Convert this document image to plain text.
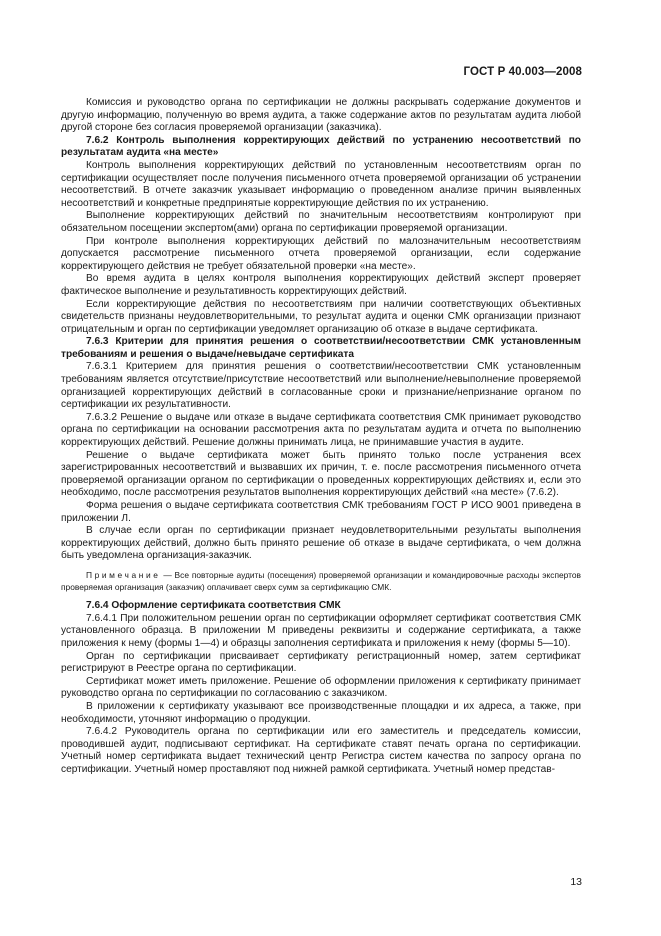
ГОСТ Р 40.003—2008

Комиссия и руководство органа по сертификации не должны раскрывать содержание документов и другую информацию, полученную во время аудита, а также содержание актов по результатам аудита любой другой стороне без согласия проверяемой организации (заказчика).

7.6.2 Контроль выполнения корректирующих действий по устранению несоответствий по результатам аудита «на месте»

Контроль выполнения корректирующих действий по установленным несоответствиям орган по сертификации осуществляет после получения письменного отчета проверяемой организации об устранении несоответствий. В отчете заказчик указывает информацию о проведенном анализе причин выявленных несоответствий и конкретные предпринятые корректирующие действия по их устранению.

Выполнение корректирующих действий по значительным несоответствиям контролируют при обязательном посещении экспертом(ами) органа по сертификации проверяемой организации.

При контроле выполнения корректирующих действий по малозначительным несоответствиям допускается рассмотрение письменного отчета проверяемой организации, если содержание корректирующего действия не требует обязательной проверки «на месте».

Во время аудита в целях контроля выполнения корректирующих действий эксперт проверяет фактическое выполнение и результативность корректирующих действий.

Если корректирующие действия по несоответствиям при наличии соответствующих объективных свидетельств признаны неудовлетворительными, то результат аудита и оценки СМК организации признают отрицательным и орган по сертификации уведомляет организацию об отказе в выдаче сертификата.

7.6.3 Критерии для принятия решения о соответствии/несоответствии СМК установленным требованиям и решения о выдаче/невыдаче сертификата

7.6.3.1 Критерием для принятия решения о соответствии/несоответствии СМК установленным требованиям является отсутствие/присутствие несоответствий или выполнение/невыполнение проверяемой организацией корректирующих действий в согласованные сроки и признание/непризнание органом по сертификации их результативности.

7.6.3.2 Решение о выдаче или отказе в выдаче сертификата соответствия СМК принимает руководство органа по сертификации на основании рассмотрения акта по результатам аудита и отчета по выполнению корректирующих действий. Решение должны принимать лица, не принимавшие участия в аудите.

Решение о выдаче сертификата может быть принято только после устранения всех зарегистрированных несоответствий и вызвавших их причин, т. е. после рассмотрения письменного отчета проверяемой организации органом по сертификации о проведенных корректирующих действиях и, если это необходимо, после рассмотрения результатов выполнения корректирующих действий «на месте» (7.6.2).

Форма решения о выдаче сертификата соответствия СМК требованиям ГОСТ Р ИСО 9001 приведена в приложении Л.

В случае если орган по сертификации признает неудовлетворительными результаты выполнения корректирующих действий, должно быть принято решение об отказе в выдаче сертификата, о чем должна быть уведомлена организация-заказчик.

Примечание — Все повторные аудиты (посещения) проверяемой организации и командировочные расходы экспертов проверяемая организация (заказчик) оплачивает сверх сумм за сертификацию СМК.

7.6.4 Оформление сертификата соответствия СМК

7.6.4.1 При положительном решении орган по сертификации оформляет сертификат соответствия СМК установленного образца. В приложении М приведены реквизиты и содержание сертификата, а также приложения к нему (формы 1—4) и образцы заполнения сертификата и приложения к нему (формы 5—10).

Орган по сертификации присваивает сертификату регистрационный номер, затем сертификат регистрируют в Реестре органа по сертификации.

Сертификат может иметь приложение. Решение об оформлении приложения к сертификату принимает руководство органа по сертификации по согласованию с заказчиком.

В приложении к сертификату указывают все производственные площадки и их адреса, а также, при необходимости, уточняют информацию о продукции.

7.6.4.2 Руководитель органа по сертификации или его заместитель и председатель комиссии, проводившей аудит, подписывают сертификат. На сертификате ставят печать органа по сертификации. Учетный номер сертификата выдает технический центр Регистра систем качества по запросу органа по сертификации. Учетный номер проставляют под нижней рамкой сертификата. Учетный номер представ-

13
